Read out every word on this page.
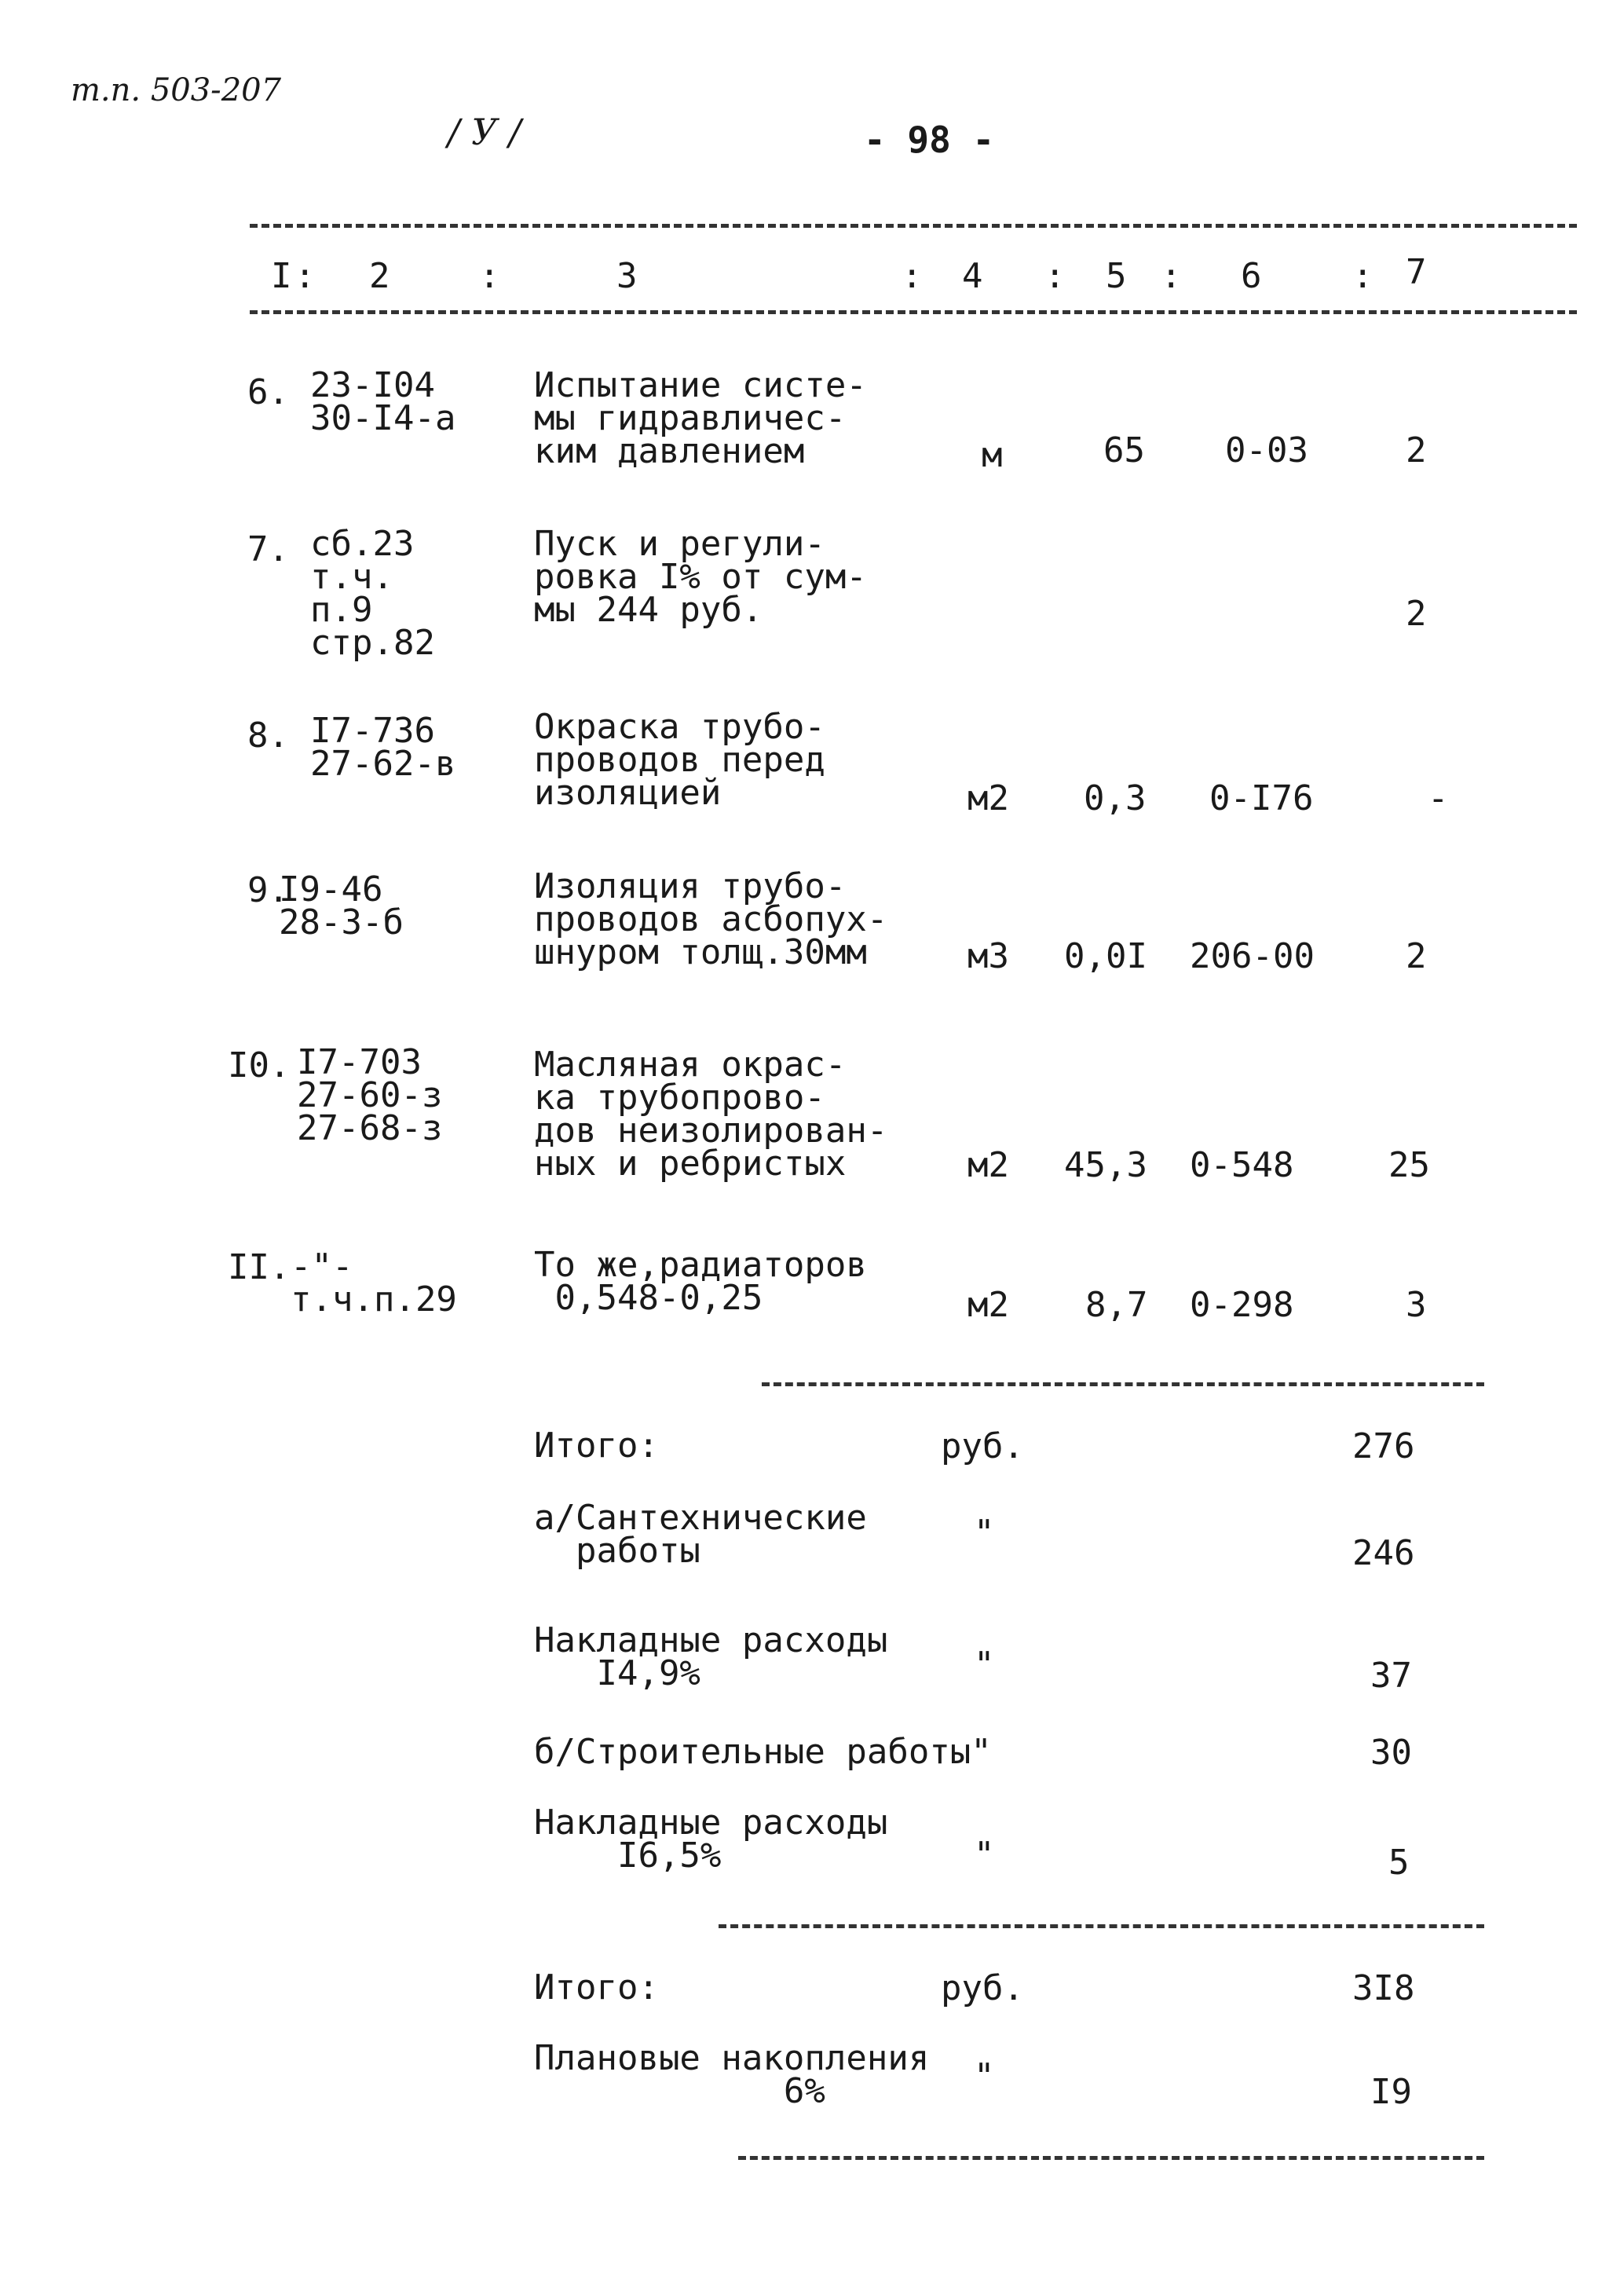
т.п. 503-207
/ У /	- 98 -
I : 2	:	3	: 4 : 5 : 6	: 7
6. 23-I04
30-I4-а
Испытание систе-
мы гидравличес-
ким давлением	м	65 0-03	2
7. сб.23
т.ч.
п.9
стр.82
Пуск и регули-
ровка I% от сум-
мы 244 руб.	2
8. I7-736
27-62-в
Окраска трубо-
проводов перед
изоляцией	м2 0,3 0-I76	-
9.
I9-46
28-3-б
Изоляция трубо-
проводов асбопух-
шнуром толщ.30мм	м3 0,0I 206-00	2
I0. I7-703
27-60-з
27-68-з
Масляная окрас-
ка трубопрово-
дов неизолирован-
ных и ребристых	м2 45,3 0-548	25
II. -"-
т.ч.п.29
То же,радиаторов
0,548-0,25	м2 8,7 0-298	3
Итого:	руб.	276
а/Сантехнические
работы	"
246
Накладные расходы
I4,9%	"	37
б/Строительные работы"	30
Накладные расходы
I6,5%	"	5
Итого:	руб.	3I8
Плановые накопления
6%	"	I9
